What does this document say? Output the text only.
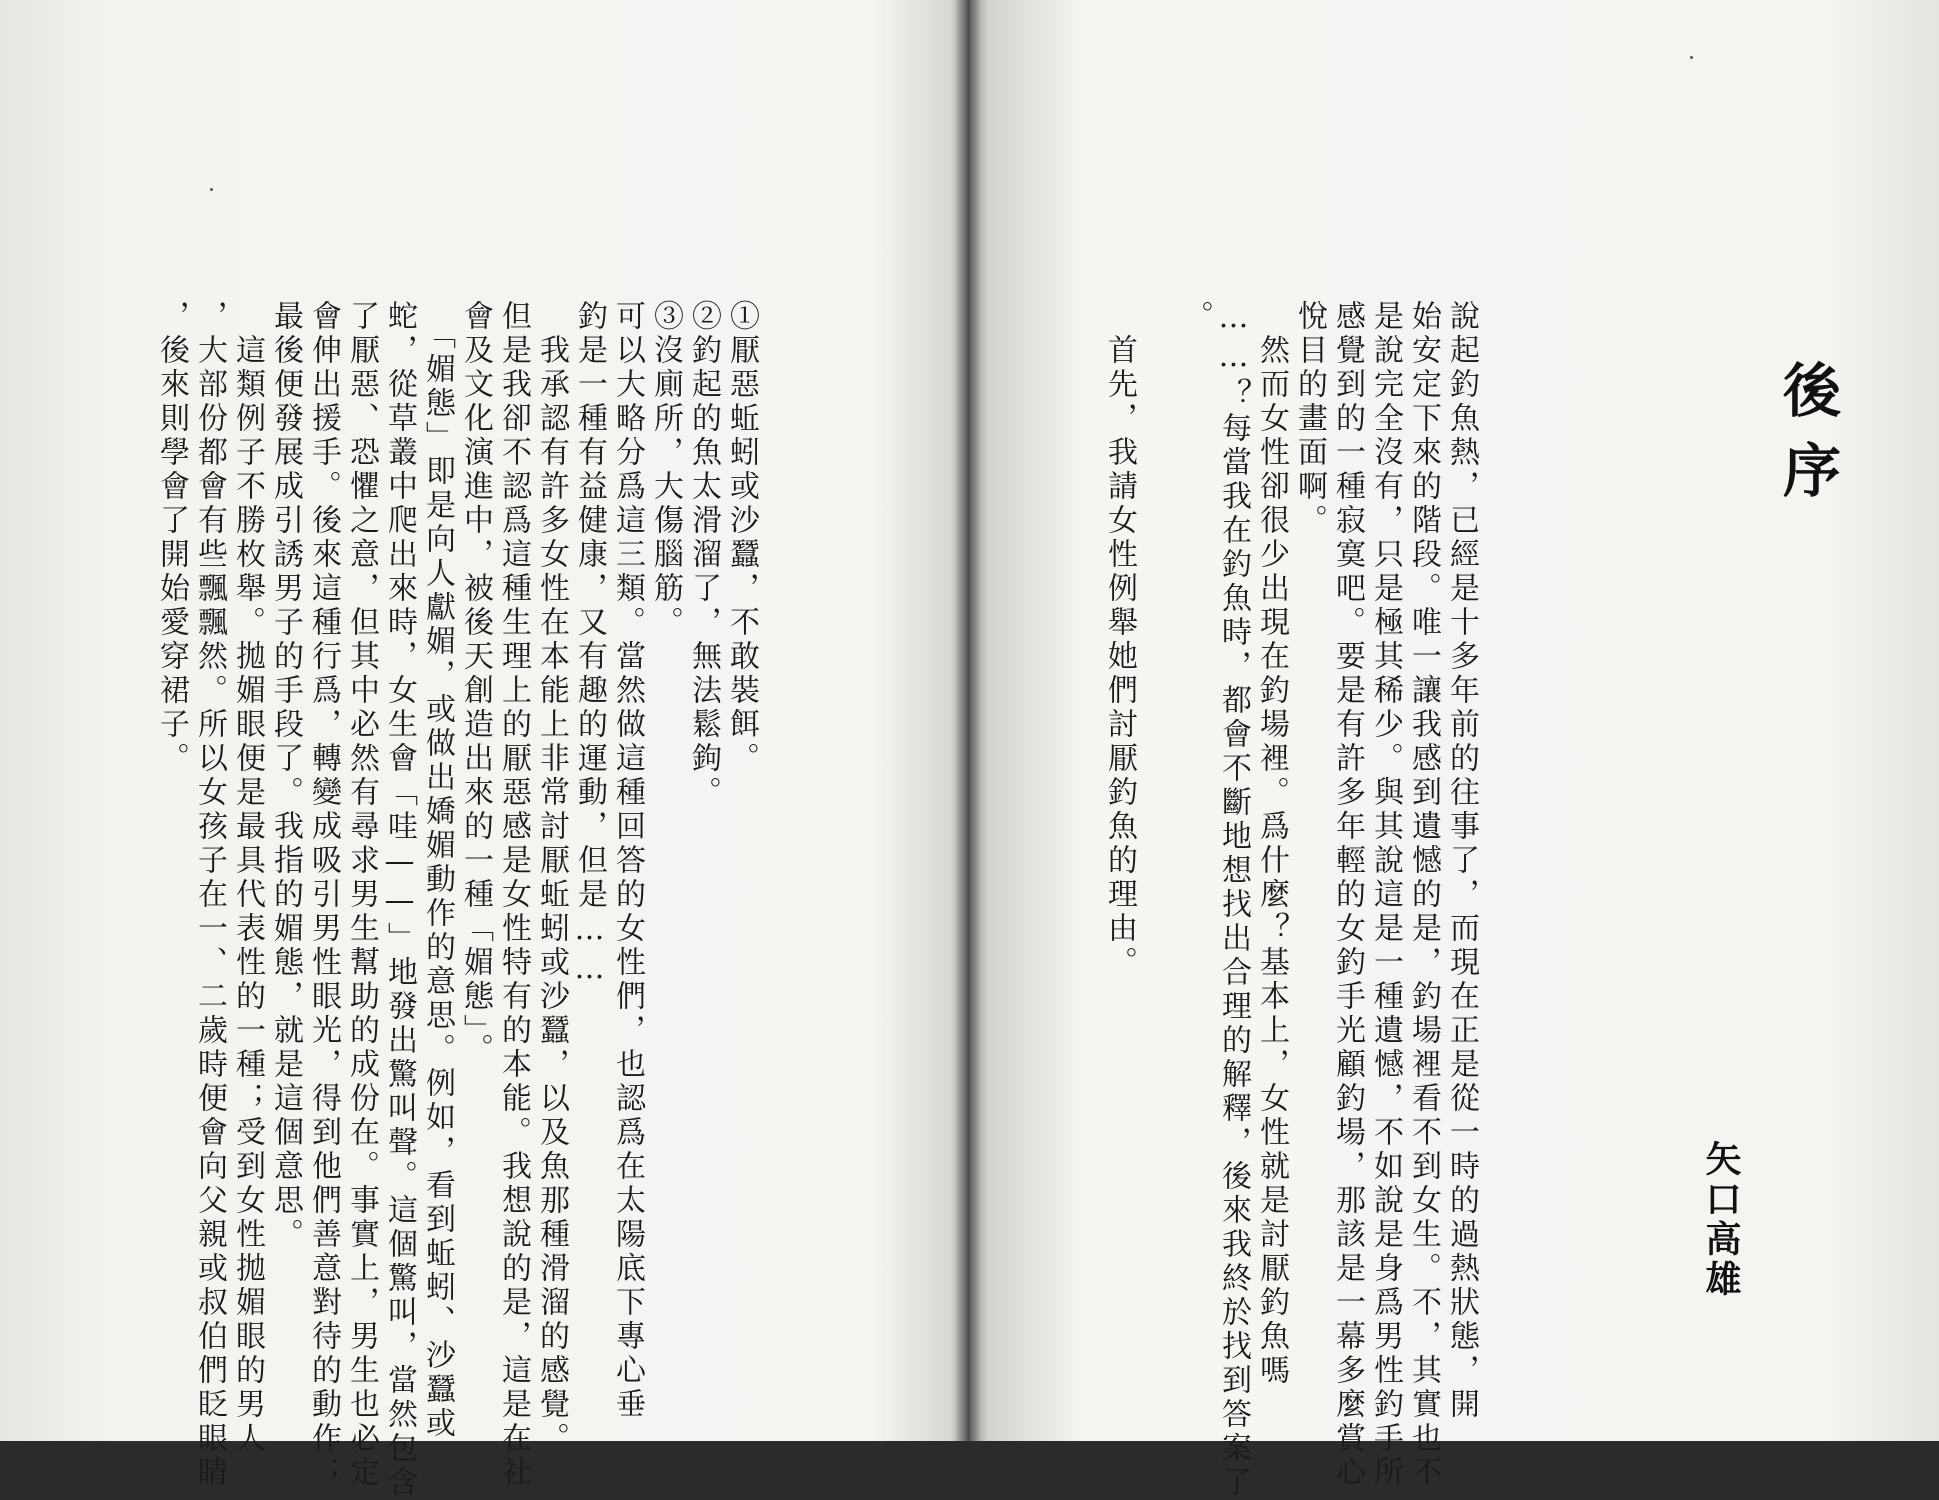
①厭惡蚯蚓或沙蠶，不敢裝餌。
②釣起的魚太滑溜了，無法鬆鉤。
③沒廁所，大傷腦筋。
可以大略分爲這三類。當然做這種回答的女性們，也認爲在太陽底下專心垂
釣是一種有益健康，又有趣的運動，但是……
　我承認有許多女性在本能上非常討厭蚯蚓或沙蠶，以及魚那種滑溜的感覺。
但是我卻不認爲這種生理上的厭惡感是女性特有的本能。我想說的是，這是在社
會及文化演進中，被後天創造出來的一種「媚態」。
　「媚態」即是向人獻媚，或做出嬌媚動作的意思。例如，看到蚯蚓、沙蠶或
蛇，從草叢中爬出來時，女生會「哇——」地發出驚叫聲。這個驚叫，當然包含
了厭惡、恐懼之意，但其中必然有尋求男生幫助的成份在。事實上，男生也必定
會伸出援手。後來這種行爲，轉變成吸引男性眼光，得到他們善意對待的動作；
最後便發展成引誘男子的手段了。我指的媚態，就是這個意思。
　這類例子不勝枚舉。拋媚眼便是最具代表性的一種；受到女性拋媚眼的男人
，大部份都會有些飄飄然。所以女孩子在一、二歲時便會向父親或叔伯們眨眼睛
，後來則學會了開始愛穿裙子。	後序
說起釣魚熱，已經是十多年前的往事了，而現在正是從一時的過熱狀態，開
始安定下來的階段。唯一讓我感到遺憾的是，釣場裡看不到女生。不，其實也不
是說完全沒有，只是極其稀少。與其說這是一種遺憾，不如說是身爲男性釣手所
感覺到的一種寂寞吧。要是有許多年輕的女釣手光顧釣場，那該是一幕多麼賞心
悅目的畫面啊。
　然而女性卻很少出現在釣場裡。爲什麼？基本上，女性就是討厭釣魚嗎
……？每當我在釣魚時，都會不斷地想找出合理的解釋，後來我終於找到答案了
。
　首先，我請女性例舉她們討厭釣魚的理由。
矢口高雄
